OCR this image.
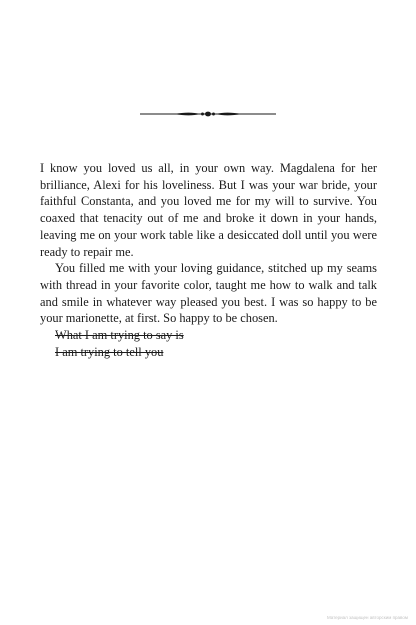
I know you loved us all, in your own way. Magdalena for her brilliance, Alexi for his loveliness. But I was your war bride, your faithful Constanta, and you loved me for my will to survive. You coaxed that tenacity out of me and broke it down in your hands, leaving me on your work table like a desiccated doll until you were ready to repair me.

You filled me with your loving guidance, stitched up my seams with thread in your favorite color, taught me how to walk and talk and smile in whatever way pleased you best. I was so happy to be your marionette, at first. So happy to be chosen.

What I am trying to say is

I am trying to tell you

Материал защищен авторским правом
